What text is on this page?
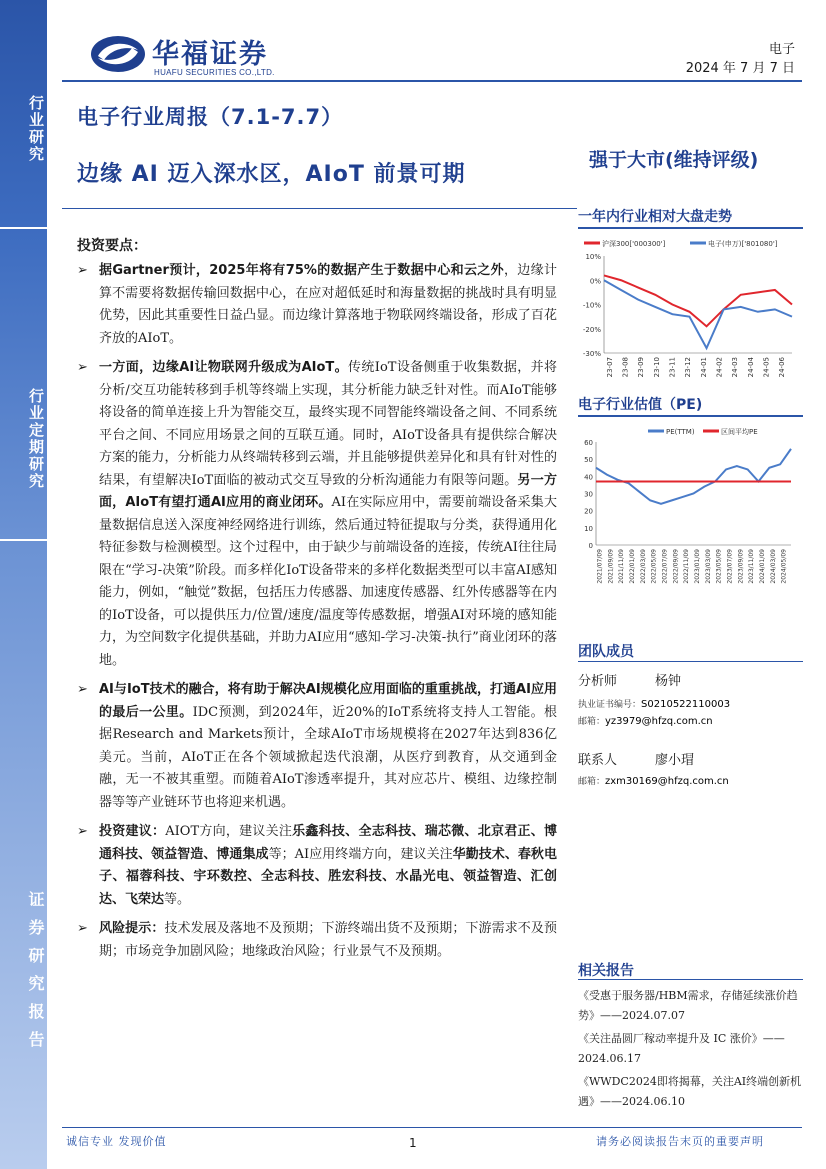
行业研究
行业定期研究
证券研究报告
华福证券
HUAFU SECURITIES CO.,LTD.
电子
2024 年 7 月 7 日
电子行业周报（7.1-7.7）
边缘 AI 迈入深水区，AIoT 前景可期
强于大市(维持评级)
投资要点：
➢ 据Gartner预计，2025年将有75%的数据产生于数据中心和云之外，边缘计算不需要将数据传输回数据中心，在应对超低延时和海量数据的挑战时具有明显优势，因此其重要性日益凸显。而边缘计算落地于物联网终端设备，形成了百花齐放的AIoT。
➢ 一方面，边缘AI让物联网升级成为AIoT。传统IoT设备侧重于收集数据，并将分析/交互功能转移到手机等终端上实现，其分析能力缺乏针对性。而AIoT能够将设备的简单连接上升为智能交互，最终实现不同智能终端设备之间、不同系统平台之间、不同应用场景之间的互联互通。同时，AIoT设备具有提供综合解决方案的能力，分析能力从终端转移到云端，并且能够提供差异化和具有针对性的结果，有望解决IoT面临的被动式交互导致的分析沟通能力有限等问题。另一方面，AIoT有望打通AI应用的商业闭环。AI在实际应用中，需要前端设备采集大量数据信息送入深度神经网络进行训练，然后通过特征提取与分类，获得通用化特征参数与检测模型。这个过程中，由于缺少与前端设备的连接，传统AI往往局限在“学习-决策”阶段。而多样化IoT设备带来的多样化数据类型可以丰富AI感知能力，例如，“触觉”数据，包括压力传感器、加速度传感器、红外传感器等在内的IoT设备，可以提供压力/位置/速度/温度等传感数据，增强AI对环境的感知能力，为空间数字化提供基础，并助力AI应用“感知-学习-决策-执行”商业闭环的落地。
➢ AI与IoT技术的融合，将有助于解决AI规模化应用面临的重重挑战，打通AI应用的最后一公里。IDC预测，到2024年，近20%的IoT系统将支持人工智能。根据Research and Markets预计，全球AIoT市场规模将在2027年达到836亿美元。当前，AIoT正在各个领域掀起迭代浪潮，从医疗到教育，从交通到金融，无一不被其重塑。而随着AIoT渗透率提升，其对应芯片、模组、边缘控制器等等产业链环节也将迎来机遇。
➢ 投资建议：AIOT方向，建议关注乐鑫科技、全志科技、瑞芯微、北京君正、博通科技、领益智造、博通集成等；AI应用终端方向，建议关注华勤技术、春秋电子、福蓉科技、宇环数控、全志科技、胜宏科技、水晶光电、领益智造、汇创达、飞荣达等。
➢ 风险提示：技术发展及落地不及预期；下游终端出货不及预期；下游需求不及预期；市场竞争加剧风险；地缘政治风险；行业景气不及预期。
一年内行业相对大盘走势
沪深300['000300']	电子(申万)['801080']
10%
0%
-10%
-20%
-30%
23-07 23-08 23-09 23-10 23-11 23-12 24-01 24-02 24-03 24-04 24-05 24-06
电子行业估值（PE)
PE(TTM)	区间平均PE
60
50
40
30
20
10
0
2021/07/09 2021/09/09 2021/11/09 2022/01/09 2022/03/09 2022/05/09 2022/07/09 2022/09/09 2022/11/09 2023/01/09 2023/03/09 2023/05/09 2023/07/09 2023/09/09 2023/11/09 2024/01/09 2024/03/09 2024/05/09
团队成员
分析师	杨钟
执业证书编号：S0210522110003
邮箱：yz3979@hfzq.com.cn
联系人	廖小瑁
邮箱：zxm30169@hfzq.com.cn
相关报告
《受惠于服务器/HBM需求，存储延续涨价趋势》——2024.07.07
《关注晶圆厂稼动率提升及 IC 涨价》——2024.06.17
《WWDC2024即将揭幕，关注AI终端创新机遇》——2024.06.10
诚信专业 发现价值	1	请务必阅读报告末页的重要声明
